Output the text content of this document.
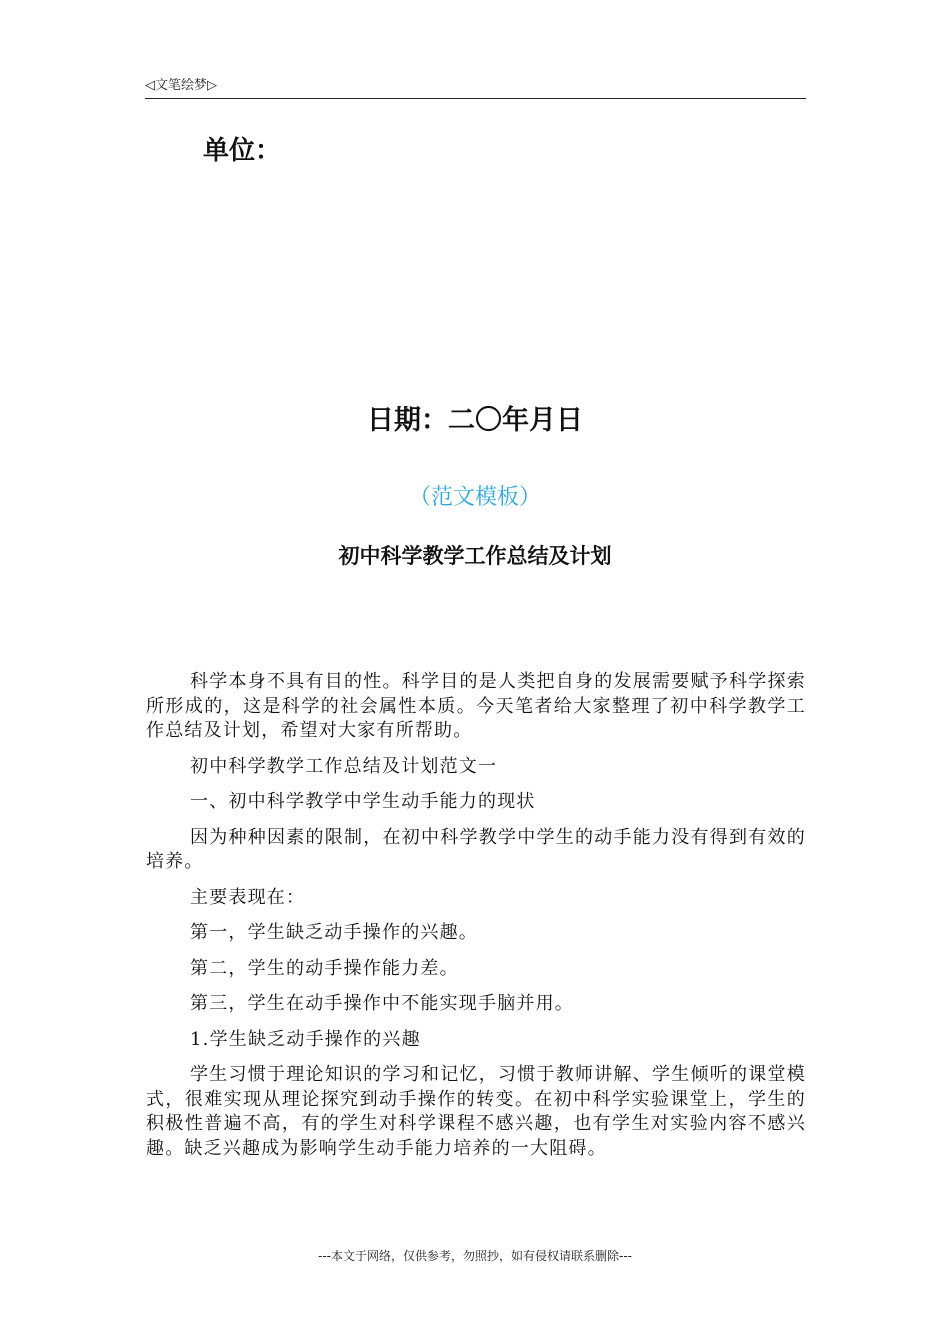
◁文笔绘梦▷
单位：
日期：二〇年月日
（范文模板）
初中科学教学工作总结及计划

科学本身不具有目的性。科学目的是人类把自身的发展需要赋予科学探索所形成的，这是科学的社会属性本质。今天笔者给大家整理了初中科学教学工作总结及计划，希望对大家有所帮助。

初中科学教学工作总结及计划范文一

一、初中科学教学中学生动手能力的现状

因为种种因素的限制，在初中科学教学中学生的动手能力没有得到有效的培养。

主要表现在：

第一，学生缺乏动手操作的兴趣。

第二，学生的动手操作能力差。

第三，学生在动手操作中不能实现手脑并用。

1.学生缺乏动手操作的兴趣

学生习惯于理论知识的学习和记忆，习惯于教师讲解、学生倾听的课堂模式，很难实现从理论探究到动手操作的转变。在初中科学实验课堂上，学生的积极性普遍不高，有的学生对科学课程不感兴趣，也有学生对实验内容不感兴趣。缺乏兴趣成为影响学生动手能力培养的一大阻碍。

---本文于网络，仅供参考，勿照抄，如有侵权请联系删除---
